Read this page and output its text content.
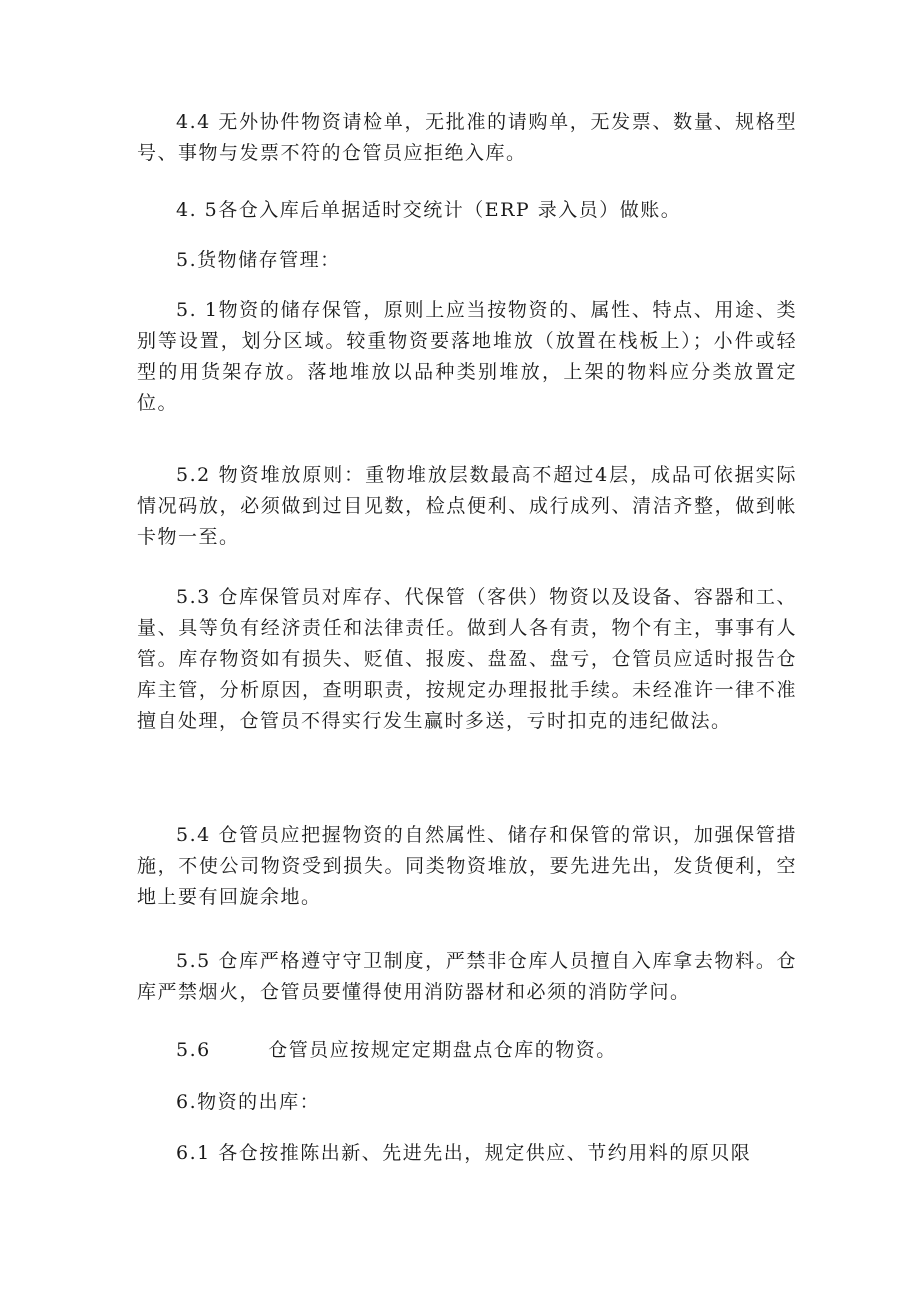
4.4 无外协件物资请检单，无批准的请购单，无发票、数量、规格型号、事物与发票不符的仓管员应拒绝入库。

4. 5各仓入库后单据适时交统计（ERP 录入员）做账。

5.货物储存管理：

5. 1物资的储存保管，原则上应当按物资的、属性、特点、用途、类别等设置，划分区域。较重物资要落地堆放（放置在栈板上）；小件或轻型的用货架存放。落地堆放以品种类别堆放，上架的物料应分类放置定位。

5.2 物资堆放原则：重物堆放层数最高不超过4层，成品可依据实际情况码放，必须做到过目见数，检点便利、成行成列、清洁齐整，做到帐卡物一至。

5.3 仓库保管员对库存、代保管（客供）物资以及设备、容器和工、量、具等负有经济责任和法律责任。做到人各有责，物个有主，事事有人管。库存物资如有损失、贬值、报废、盘盈、盘亏，仓管员应适时报告仓库主管，分析原因，查明职责，按规定办理报批手续。未经准许一律不准擅自处理，仓管员不得实行发生赢时多送，亏时扣克的违纪做法。

5.4 仓管员应把握物资的自然属性、储存和保管的常识，加强保管措施，不使公司物资受到损失。同类物资堆放，要先进先出，发货便利，空地上要有回旋余地。

5.5 仓库严格遵守守卫制度，严禁非仓库人员擅自入库拿去物料。仓库严禁烟火，仓管员要懂得使用消防器材和必须的消防学问。

5.6 仓管员应按规定定期盘点仓库的物资。

6.物资的出库：

6.1 各仓按推陈出新、先进先出，规定供应、节约用料的原贝限
